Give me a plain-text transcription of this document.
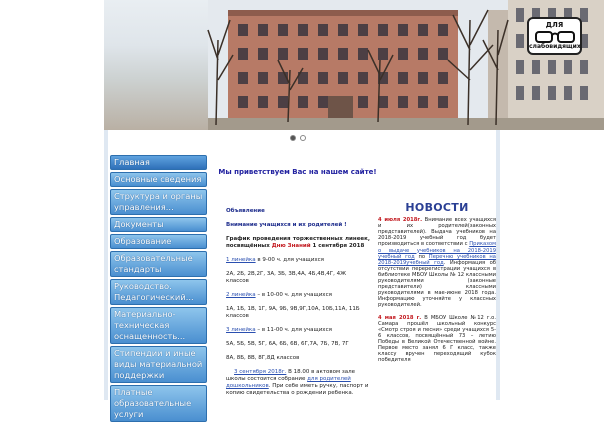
ДЛЯ
слабовидящих
Главная
Основные сведения
Структура и органы управления...
Документы
Образование
Образовательные стандарты
Руководство. Педагогический...
Материально-техническая оснащенность...
Стипендии и иные виды материальной поддержки
Платные образовательные услуги
Мы приветствуем Вас на нашем сайте!

Объявление

Внимание учащихся и их родителей !

График проведения торжественных линеек, посвящённых Дню Знаний 1 сентября 2018

1 линейка в 9-00 ч. для учащихся

2А, 2Б, 2В,2Г, 3А, 3Б, 3В,4А, 4Б,4В,4Г, 4Ж классов

2 линейка – в 10-00 ч. для учащихся

1А, 1Б, 1В, 1Г, 9А, 9Б, 9В,9Г,10А, 10Б,11А, 11Б классов

3 линейка – в 11-00 ч. для учащихся

5А, 5Б, 5В, 5Г, 6А, 6Б, 6В, 6Г,7А, 7Б, 7В, 7Г

8А, 8Б, 8В, 8Г,8Д классов

3 сентября 2018г. В 18.00 в актовом зале школы состоится собрание для родителей дошкольников. При себе иметь ручку, паспорт и копию свидетельства о рождении ребенка.

НОВОСТИ

4 июля 2018г. Внимание всех учащихся и их родителей(законных представителей). Выдача учебников на 2018-2019 учебный год будет производиться в соответствии с Приказом о выдаче учебников на 2018-2019 учебный год по Перечню учебников на 2018-2019учебный год. Информация об отсутствии перерегистрации учащихся в библиотеке МБОУ Школы № 12 классными руководителями (законные представители) классными руководителями в мае-июне 2018 года. Информацию уточняйте у классных руководителей.

4 мая 2018 г. В МБОУ Школе №12 г.о. Самара прошёл школьный конкурс «Смотр строя и песни» среди учащихся 5-6 классов, посвящённый 73 – летию Победы в Великой Отечественной войне. Первое место занял 6 Г класс, также классу вручен переходящий кубок победителя
